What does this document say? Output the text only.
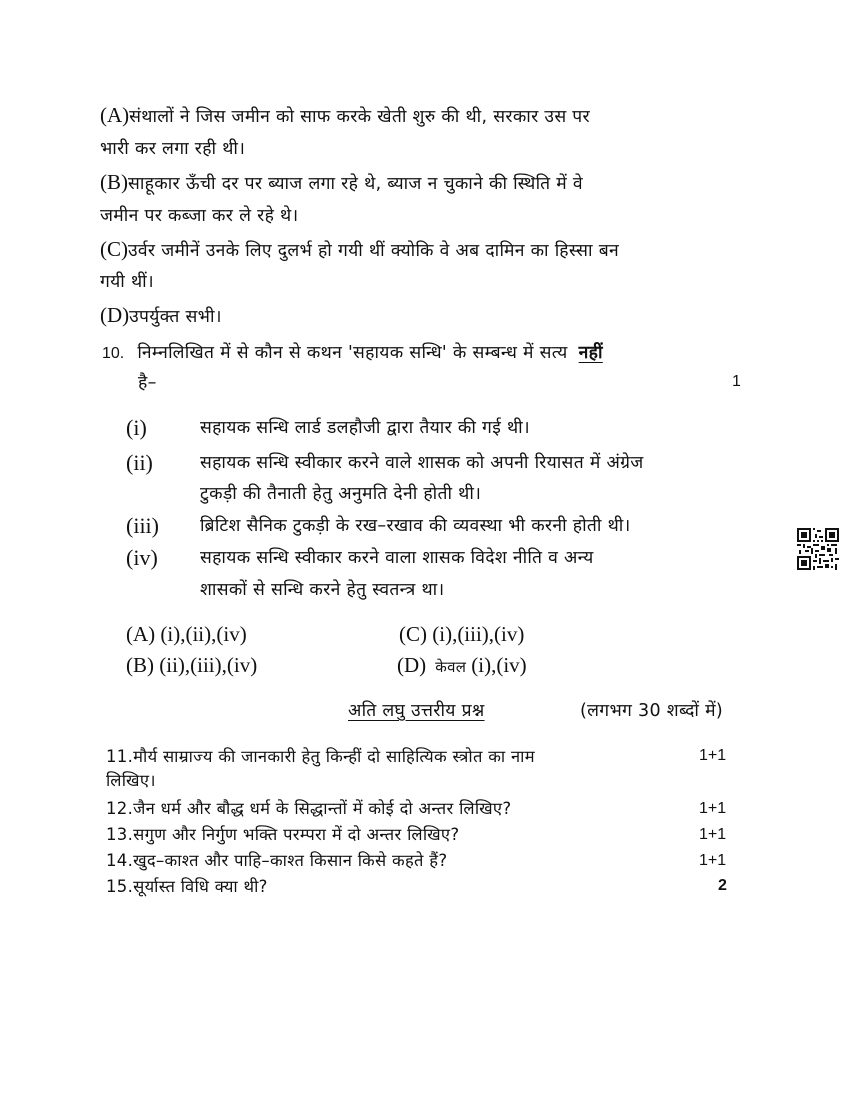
(A)संथालों ने जिस जमीन को साफ करके खेती शुरु की थी, सरकार उस पर
भारी कर लगा रही थी।
(B)साहूकार ऊँची दर पर ब्याज लगा रहे थे, ब्याज न चुकाने की स्थिति में वे
जमीन पर कब्जा कर ले रहे थे।
(C)उर्वर जमीनें उनके लिए दुलर्भ हो गयी थीं क्योकि वे अब दामिन का हिस्सा बन
गयी थीं।
(D)उपर्युक्त सभी।
10. निम्नलिखित में से कौन से कथन 'सहायक सन्धि' के सम्बन्ध में सत्य नहीं
है–	1
(i)	सहायक सन्धि लार्ड डलहौजी द्वारा तैयार की गई थी।
(ii)	सहायक सन्धि स्वीकार करने वाले शासक को अपनी रियासत में अंग्रेज
टुकड़ी की तैनाती हेतु अनुमति देनी होती थी।
(iii) ब्रिटिश सैनिक टुकड़ी के रख–रखाव की व्यवस्था भी करनी होती थी।
(iv) सहायक सन्धि स्वीकार करने वाला शासक विदेश नीति व अन्य
शासकों से सन्धि करने हेतु स्वतन्त्र था।
(A) (i),(ii),(iv)	(C) (i),(iii),(iv)
(B) (ii),(iii),(iv)	(D) केवल (i),(iv)
अति लघु उत्तरीय प्रश्न	(लगभग 30 शब्दों में)
11.मौर्य साम्राज्य की जानकारी हेतु किन्हीं दो साहित्यिक स्त्रोत का नाम	1+1
लिखिए।
12.जैन धर्म और बौद्ध धर्म के सिद्धान्तों में कोई दो अन्तर लिखिए?	1+1
13.सगुण और निर्गुण भक्ति परम्परा में दो अन्तर लिखिए?	1+1
14.खुद–काश्त और पाहि–काश्त किसान किसे कहते हैं?	1+1
15.सूर्यास्त विधि क्या थी?	2
